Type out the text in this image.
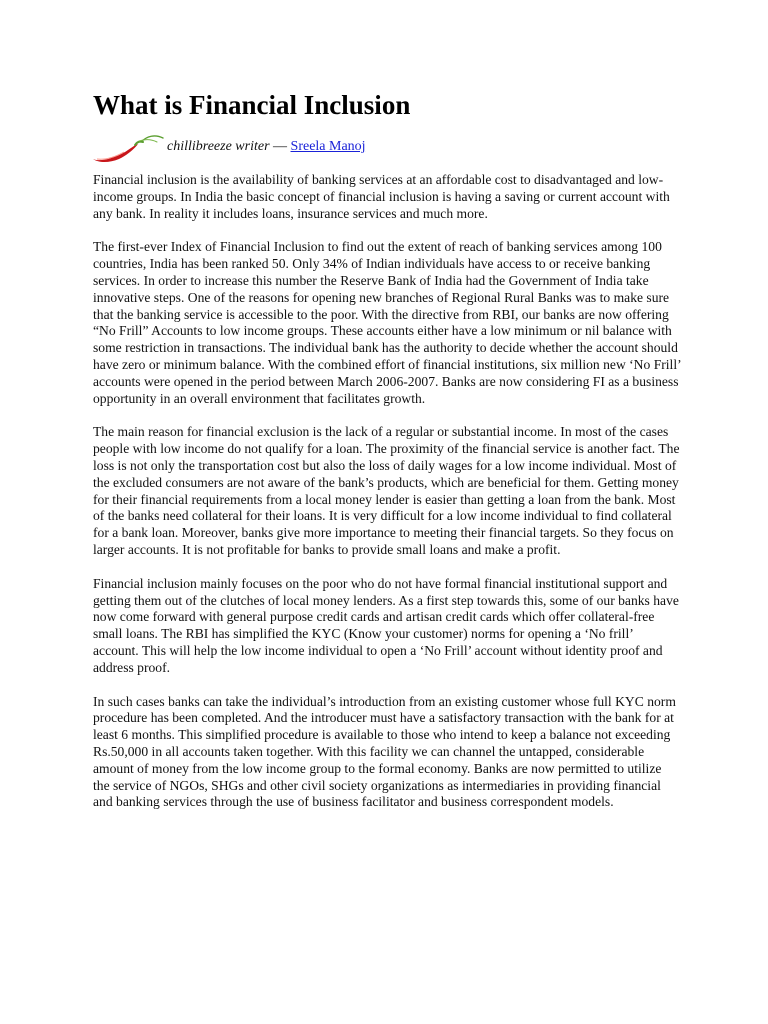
What is Financial Inclusion
chillibreeze writer — Sreela Manoj

Financial inclusion is the availability of banking services at an affordable cost to disadvantaged and low-income groups. In India the basic concept of financial inclusion is having a saving or current account with any bank. In reality it includes loans, insurance services and much more.

The first-ever Index of Financial Inclusion to find out the extent of reach of banking services among 100 countries, India has been ranked 50. Only 34% of Indian individuals have access to or receive banking services. In order to increase this number the Reserve Bank of India had the Government of India take innovative steps. One of the reasons for opening new branches of Regional Rural Banks was to make sure that the banking service is accessible to the poor. With the directive from RBI, our banks are now offering “No Frill” Accounts to low income groups. These accounts either have a low minimum or nil balance with some restriction in transactions. The individual bank has the authority to decide whether the account should have zero or minimum balance. With the combined effort of financial institutions, six million new ‘No Frill’ accounts were opened in the period between March 2006-2007. Banks are now considering FI as a business opportunity in an overall environment that facilitates growth.

The main reason for financial exclusion is the lack of a regular or substantial income. In most of the cases people with low income do not qualify for a loan. The proximity of the financial service is another fact. The loss is not only the transportation cost but also the loss of daily wages for a low income individual. Most of the excluded consumers are not aware of the bank’s products, which are beneficial for them. Getting money for their financial requirements from a local money lender is easier than getting a loan from the bank. Most of the banks need collateral for their loans. It is very difficult for a low income individual to find collateral for a bank loan. Moreover, banks give more importance to meeting their financial targets. So they focus on larger accounts. It is not profitable for banks to provide small loans and make a profit.

Financial inclusion mainly focuses on the poor who do not have formal financial institutional support and getting them out of the clutches of local money lenders. As a first step towards this, some of our banks have now come forward with general purpose credit cards and artisan credit cards which offer collateral-free small loans. The RBI has simplified the KYC (Know your customer) norms for opening a ‘No frill’ account. This will help the low income individual to open a ‘No Frill’ account without identity proof and address proof.

In such cases banks can take the individual’s introduction from an existing customer whose full KYC norm procedure has been completed. And the introducer must have a satisfactory transaction with the bank for at least 6 months. This simplified procedure is available to those who intend to keep a balance not exceeding Rs.50,000 in all accounts taken together. With this facility we can channel the untapped, considerable amount of money from the low income group to the formal economy. Banks are now permitted to utilize the service of NGOs, SHGs and other civil society organizations as intermediaries in providing financial and banking services through the use of business facilitator and business correspondent models.
